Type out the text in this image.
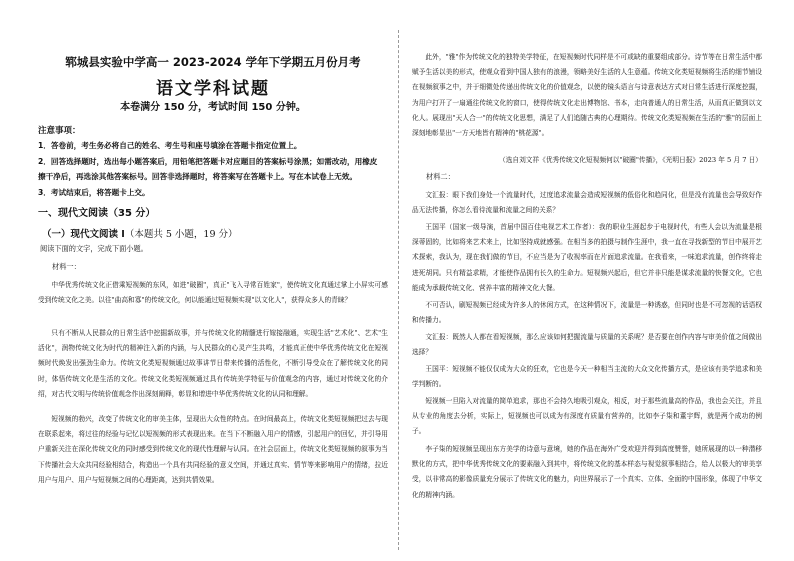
郓城县实验中学高一 2023-2024 学年下学期五月份月考
语文学科试题
本卷满分 150 分，考试时间 150 分钟。
注意事项：
1．答卷前，考生务必将自己的姓名、考生号和座号填涂在答题卡指定位置上。
2．回答选择题时，选出每小题答案后，用铅笔把答题卡对应题目的答案标号涂黑；如需改动，用橡皮
擦干净后，再选涂其他答案标号。回答非选择题时，将答案写在答题卡上。写在本试卷上无效。
3．考试结束后，将答题卡上交。
一、现代文阅读（35 分）
（一）现代文阅读 Ⅰ（本题共 5 小题，19 分）
阅读下面的文字，完成下面小题。
材料一：

中华优秀传统文化正借乘短视频的东风，如进"破圈"，真正"飞入寻常百姓家"，使传统文化真通过掌上小屏实可感受到传统文化之美。以往"曲高和寡"的传统文化，何以能通过短视频实现"以文化人"，获得众多人的青睐？

只有不断从人民群众的日常生活中挖掘新故事，并与传统文化的精髓进行嫁接融通，实现生活"艺术化"、艺术"生活化"，润物传统文化为时代的精神注入新的内涵，与人民群众的心灵产生共鸣，才能真正使中华优秀传统文化在短视频时代焕发出强劲生命力。传统文化类短视频通过故事讲节日带来传播的活性化，不断引导受众在了解传统文化的同时，体悟传统文化是生活的文化。传统文化类短视频通过具有传统美学特征与价值观念的内容，通过对传统文化的介绍，对古代文明与传统价值观念作出深刻阐释，彰显和增进中华优秀传统文化的认同和理解。

短视频的勃兴，改变了传统文化的审美主体，呈现出大众性的特点。在时间最高上，传统文化类短视频把过去与现在联系起来，将过往的经验与记忆以短视频的形式表现出来。在当下不断融入用户的情感，引起用户的回忆，并引导用户重新关注在深化传统文化的同时感受到传统文化的现代性理解与认同。在社会层面上，传统文化类短视频的叙事为当下传播社会大众共同经验相结合，构造出一个具有共同经验的意义空间，并通过真实、情节等来影响用户的情绪，拉近用户与用户、用户与短视频之间的心理距离，达到共情效果。

此外，"雅"作为传统文化的独特美学特征，在短视频时代同样是不可或缺的重要组成部分。诗节等在日常生活中都赋予生活以美的形式，使观众看到中国人独有的浪漫，领略美好生活的人生意蕴。传统文化类短视频将生活的细节铺设在视频叙事之中，并于细微处传递出传统文化的价值观念，以使的镜头语言与诗意表达方式对日常生活进行深度挖掘，为用户打开了一扇通往传统文化的窗口，使得传统文化走出博物馆、书本，走向普通人的日常生活，从而真正做到以文化人。展现出"天人合一"的传统文化思想，满足了人们追随古典的心理期待。传统文化类短视频在生活的"雅"的层面上深刻地彰显出"一方天地皆有精神的"桃花源"。

（选自刘文祥《优秀传统文化短视频何以"破圈"传播》，《光明日报》2023 年 5 月 7 日）
材料二：

文汇报：眼下我们身处一个流量时代，过度追求流量会造成短视频的低俗化和趋同化，但是没有流量也会导致好作品无法传播，你怎么看待流量和流量之间的关系？

王国平（国家一级导演，首届中国百佳电视艺术工作者）：我的职业生涯起步于电视时代，有些人会以为流量是根深蒂固的，比如将来艺术来上，比如坚持成就感强。在相当多的拍摄与制作生涯中，我一直在寻找新型的节目中展开艺术探索，我认为，现在我们做的节目，不应当是为了收视率而在片面追求流量。在我看来，一味追求流量，创作终将走进死胡同。只有精益求精，才能使作品拥有长久的生命力。短视频兴起后，但它并非只能是谋求流量的快餐文化，它也能成为承载传统文化、营养丰富的精神文化大餐。

不可否认，刷短视频已经成为许多人的休闲方式，在这种情况下，流量是一种诱惑，但同时也是不可忽视的话语权和传播力。

文汇报：既然人人都在看短视频，那么应该如何把握流量与质量的关系呢？是否要在创作内容与审美价值之间做出选择？

王国平：短视频不能仅仅成为大众的狂欢，它也是今天一种相当主流的大众文化传播方式，是应该有美学追求和美学判断的。

短视频一旦陷入对流量的简单追求，那也不会持久地吸引观众，相反，对于那些流量高的作品，我也会关注，并且从专业的角度去分析，实际上，短视频也可以成为有深度有质量有营养的，比如李子柒和董宇辉，就是两个成功的例子。

李子柒的短视频呈现出东方美学的诗意与意境，她的作品在海外广受欢迎并得到高度赞誉，她所展现的以一种潜移默化的方式，把中华优秀传统文化的要素融入到其中，将传统文化的基本样态与视觉叙事相结合，给人以极大的审美享受，以非常高的影像质量充分展示了传统文化的魅力，向世界展示了一个真实、立体、全面的中国形象，体现了中华文化的精神内涵。
